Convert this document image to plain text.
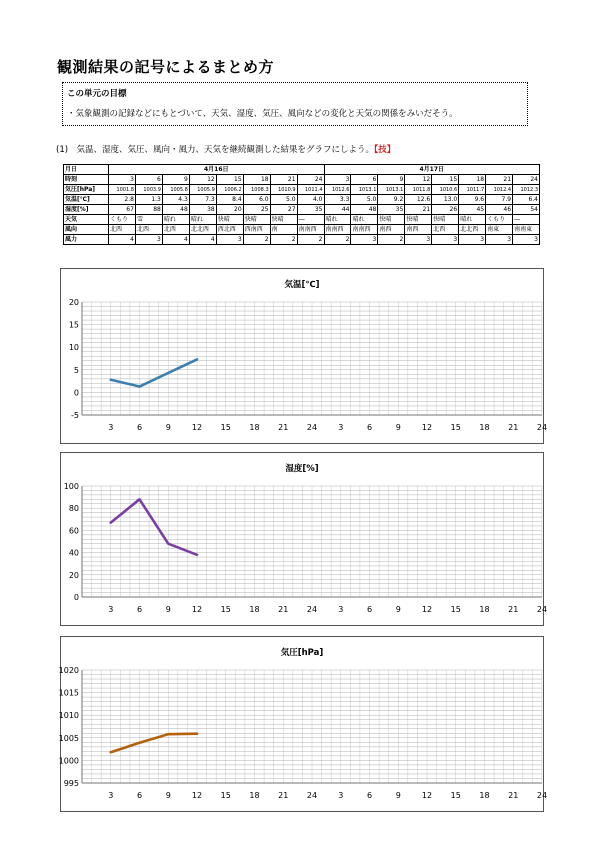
観測結果の記号によるまとめ方
この単元の目標
・気象観測の記録などにもとづいて、天気、湿度、気圧、風向などの変化と天気の関係をみいだそう。
(1)　気温、湿度、気圧、風向・風力、天気を継続観測した結果をグラフにしよう。【技】
月日	4月16日								4月17日							
時刻	3	6	9	12	15	18	21	24	3	6	9	12	15	18	21	24
気圧[hPa]	1001.8	1003.9	1005.8	1005.9	1006.2	1008.3	1010.9	1011.4	1012.6	1013.1	1013.1	1011.8	1010.6	1011.7	1012.4	1012.3
気温[℃]	2.8	1.3	4.3	7.3	8.4	6.0	5.0	4.0	3.3	5.0	9.2	12.6	13.0	9.6	7.9	6.4
湿度[%]	67	88	48	38	20	25	27	35	44	48	35	21	26	45	46	54
天気	くもり	雪	晴れ	晴れ	快晴	快晴	快晴	―	晴れ	晴れ	快晴	快晴	快晴	晴れ	くもり	―
風向	北西	北西	北西	北北西	西北西	西南西	南	南南西	南南西	南南西	南西	南西	北西	北北西	南東	南南東
風力	4	3	4	4	3	2	2	2	2	3	2	3	3	3	3	3
気温[℃]
-5
0
5
10
15
20
3	6	9	12 15 18 21 24	3	6	9	12 15 18 21 24
湿度[%]
0
20
40
60
80
100
3	6	9	12 15 18 21 24	3	6	9	12 15 18 21 24
気圧[hPa]
995
1000
1005
1010
1015
1020
3	6	9	12 15 18 21 24	3	6	9	12 15 18 21 24
